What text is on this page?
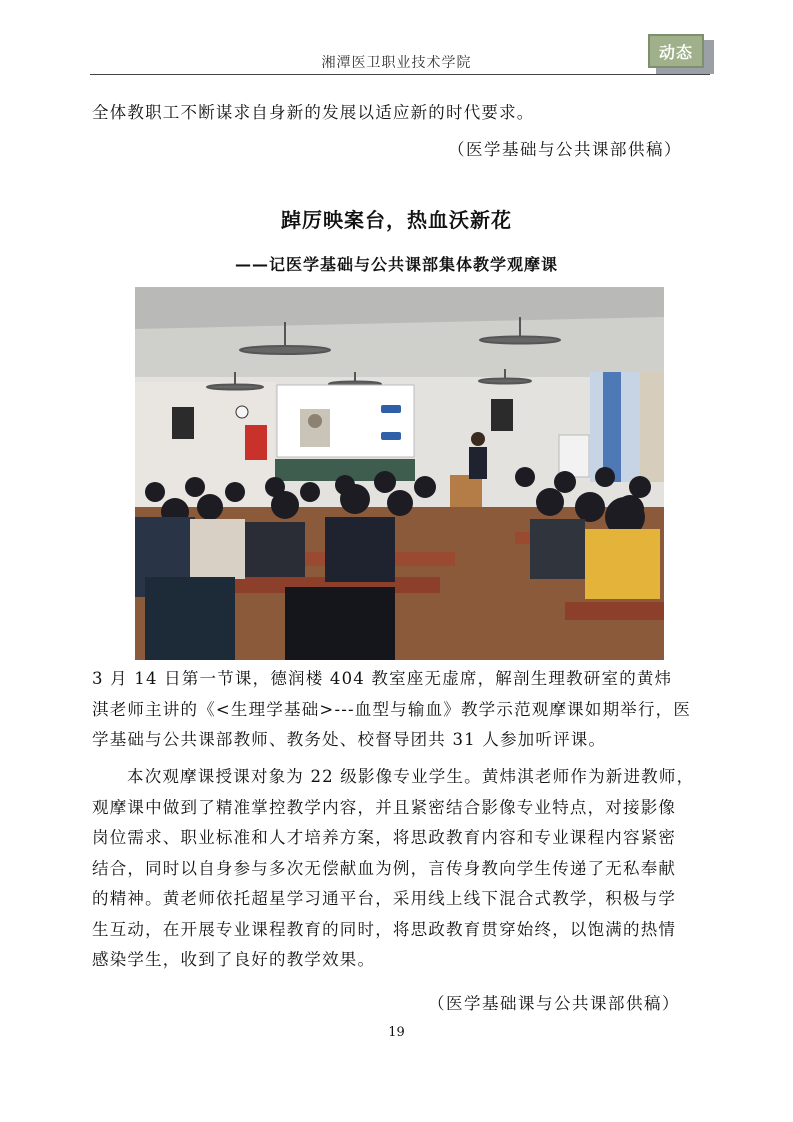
湘潭医卫职业技术学院
动态
全体教职工不断谋求自身新的发展以适应新的时代要求。
（医学基础与公共课部供稿）
踔厉映案台，热血沃新花
——记医学基础与公共课部集体教学观摩课
3 月 14 日第一节课，德润楼 404 教室座无虚席，解剖生理教研室的黄炜
淇老师主讲的《<生理学基础>---血型与输血》教学示范观摩课如期举行，医
学基础与公共课部教师、教务处、校督导团共 31 人参加听评课。
本次观摩课授课对象为 22 级影像专业学生。黄炜淇老师作为新进教师，
观摩课中做到了精准掌控教学内容，并且紧密结合影像专业特点，对接影像
岗位需求、职业标准和人才培养方案，将思政教育内容和专业课程内容紧密
结合，同时以自身参与多次无偿献血为例，言传身教向学生传递了无私奉献
的精神。黄老师依托超星学习通平台，采用线上线下混合式教学，积极与学
生互动，在开展专业课程教育的同时，将思政教育贯穿始终，以饱满的热情
感染学生，收到了良好的教学效果。
（医学基础课与公共课部供稿）
19
